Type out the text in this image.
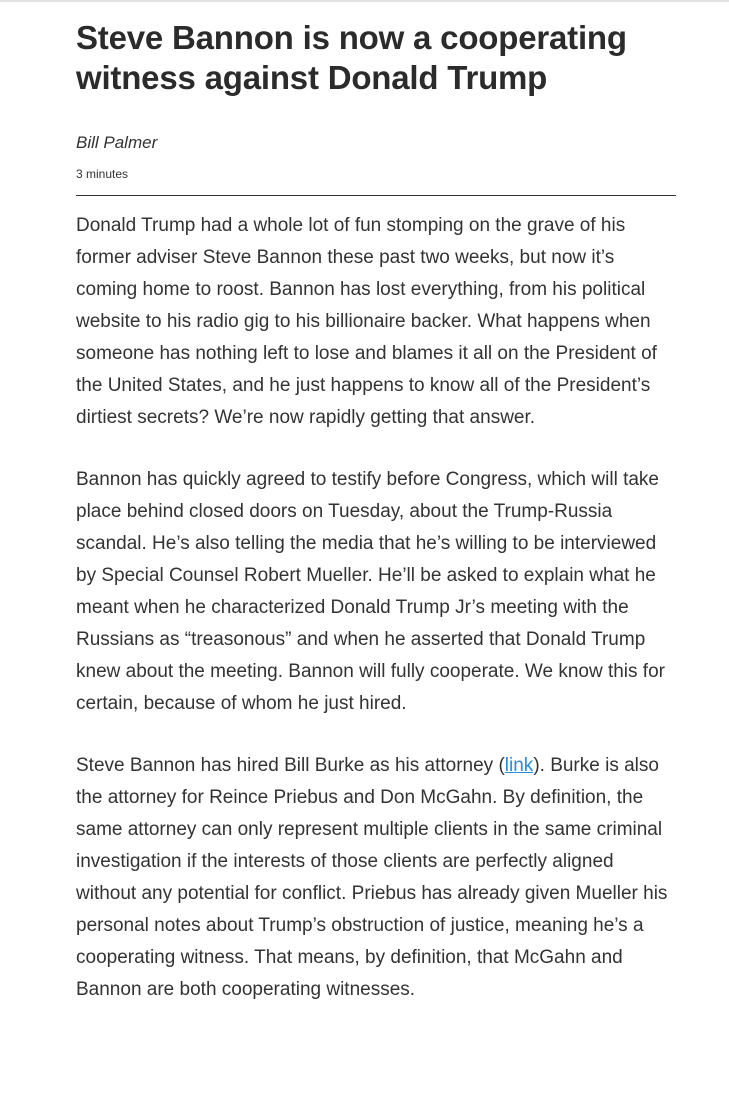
Steve Bannon is now a cooperating witness against Donald Trump

Bill Palmer

3 minutes

Donald Trump had a whole lot of fun stomping on the grave of his former adviser Steve Bannon these past two weeks, but now it’s coming home to roost. Bannon has lost everything, from his political website to his radio gig to his billionaire backer. What happens when someone has nothing left to lose and blames it all on the President of the United States, and he just happens to know all of the President’s dirtiest secrets? We’re now rapidly getting that answer.

Bannon has quickly agreed to testify before Congress, which will take place behind closed doors on Tuesday, about the Trump-Russia scandal. He’s also telling the media that he’s willing to be interviewed by Special Counsel Robert Mueller. He’ll be asked to explain what he meant when he characterized Donald Trump Jr’s meeting with the Russians as “treasonous” and when he asserted that Donald Trump knew about the meeting. Bannon will fully cooperate. We know this for certain, because of whom he just hired.

Steve Bannon has hired Bill Burke as his attorney (link). Burke is also the attorney for Reince Priebus and Don McGahn. By definition, the same attorney can only represent multiple clients in the same criminal investigation if the interests of those clients are perfectly aligned without any potential for conflict. Priebus has already given Mueller his personal notes about Trump’s obstruction of justice, meaning he’s a cooperating witness. That means, by definition, that McGahn and Bannon are both cooperating witnesses.
